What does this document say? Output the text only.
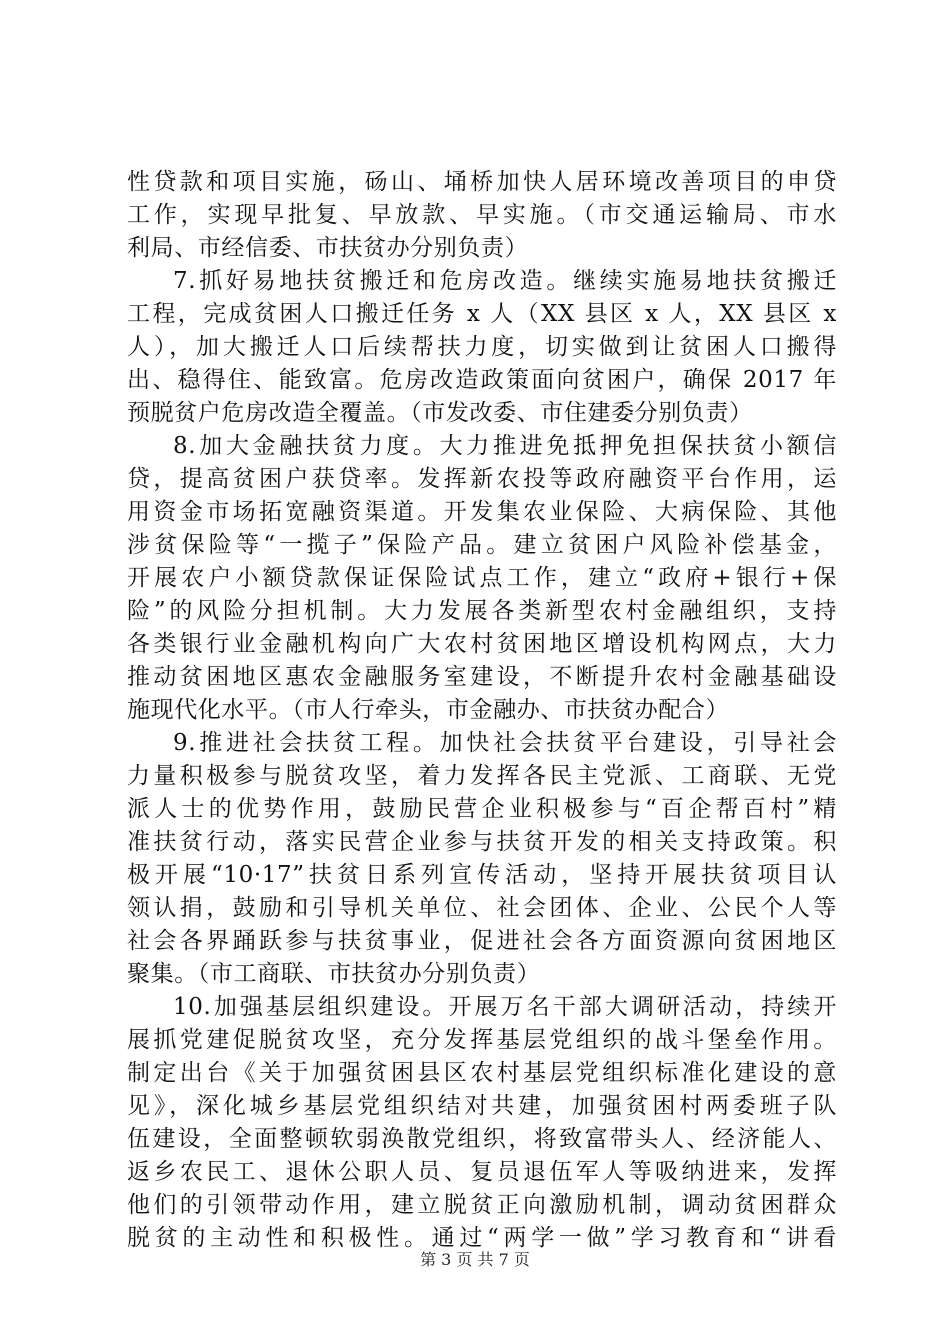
性贷款和项目实施，砀山、埇桥加快人居环境改善项目的申贷
工作，实现早批复、早放款、早实施。（市交通运输局、市水
利局、市经信委、市扶贫办分别负责）
7.抓好易地扶贫搬迁和危房改造。继续实施易地扶贫搬迁
工程，完成贫困人口搬迁任务 x 人（XX 县区 x 人，XX 县区 x
人），加大搬迁人口后续帮扶力度，切实做到让贫困人口搬得
出、稳得住、能致富。危房改造政策面向贫困户，确保 2017 年
预脱贫户危房改造全覆盖。（市发改委、市住建委分别负责）
8.加大金融扶贫力度。大力推进免抵押免担保扶贫小额信
贷，提高贫困户获贷率。发挥新农投等政府融资平台作用，运
用资金市场拓宽融资渠道。开发集农业保险、大病保险、其他
涉贫保险等“一揽子”保险产品。建立贫困户风险补偿基金，
开展农户小额贷款保证保险试点工作，建立“政府+银行+保
险”的风险分担机制。大力发展各类新型农村金融组织，支持
各类银行业金融机构向广大农村贫困地区增设机构网点，大力
推动贫困地区惠农金融服务室建设，不断提升农村金融基础设
施现代化水平。（市人行牵头，市金融办、市扶贫办配合）
9.推进社会扶贫工程。加快社会扶贫平台建设，引导社会
力量积极参与脱贫攻坚，着力发挥各民主党派、工商联、无党
派人士的优势作用，鼓励民营企业积极参与“百企帮百村”精
准扶贫行动，落实民营企业参与扶贫开发的相关支持政策。积
极开展“10·17”扶贫日系列宣传活动，坚持开展扶贫项目认
领认捐，鼓励和引导机关单位、社会团体、企业、公民个人等
社会各界踊跃参与扶贫事业，促进社会各方面资源向贫困地区
聚集。（市工商联、市扶贫办分别负责）
10.加强基层组织建设。开展万名干部大调研活动，持续开
展抓党建促脱贫攻坚，充分发挥基层党组织的战斗堡垒作用。
制定出台《关于加强贫困县区农村基层党组织标准化建设的意
见》，深化城乡基层党组织结对共建，加强贫困村两委班子队
伍建设，全面整顿软弱涣散党组织，将致富带头人、经济能人、
返乡农民工、退休公职人员、复员退伍军人等吸纳进来，发挥
他们的引领带动作用，建立脱贫正向激励机制，调动贫困群众
脱贫的主动性和积极性。通过“两学一做”学习教育和“讲看
第 3 页 共 7 页
